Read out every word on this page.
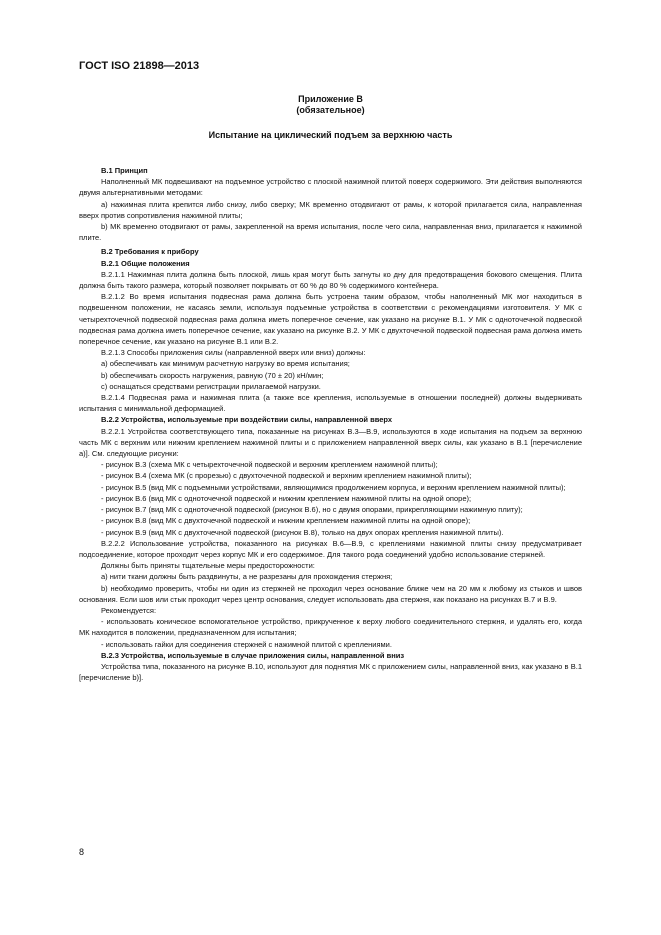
ГОСТ ISO 21898—2013
Приложение В
(обязательное)
Испытание на циклический подъем за верхнюю часть
В.1 Принцип

Наполненный МК подвешивают на подъемное устройство с плоской нажимной плитой поверх содержимого. Эти действия выполняются двумя альтернативными методами:

а) нажимная плита крепится либо снизу, либо сверху; МК временно отодвигают от рамы, к которой прилагается сила, направленная вверх против сопротивления нажимной плиты;

b) МК временно отодвигают от рамы, закрепленной на время испытания, после чего сила, направленная вниз, прилагается к нажимной плите.

В.2 Требования к прибору
В.2.1 Общие положения

В.2.1.1 Нажимная плита должна быть плоской, лишь края могут быть загнуты ко дну для предотвращения бокового смещения. Плита должна быть такого размера, который позволяет покрывать от 60 % до 80 % содержимого контейнера.

В.2.1.2 Во время испытания подвесная рама должна быть устроена таким образом, чтобы наполненный МК мог находиться в подвешенном положении, не касаясь земли, используя подъемные устройства в соответствии с рекомендациями изготовителя. У МК с четырехточечной подвеской подвесная рама должна иметь поперечное сечение, как указано на рисунке В.1. У МК с одноточечной подвеской подвесная рама должна иметь поперечное сечение, как указано на рисунке В.2. У МК с двухточечной подвеской подвесная рама должна иметь поперечное сечение, как указано на рисунке В.1 или В.2.

В.2.1.3 Способы приложения силы (направленной вверх или вниз) должны:

а) обеспечивать как минимум расчетную нагрузку во время испытания;

b) обеспечивать скорость нагружения, равную (70 ± 20) кН/мин;

c) оснащаться средствами регистрации прилагаемой нагрузки.

В.2.1.4 Подвесная рама и нажимная плита (а также все крепления, используемые в отношении последней) должны выдерживать испытания с минимальной деформацией.

В.2.2 Устройства, используемые при воздействии силы, направленной вверх

В.2.2.1 Устройства соответствующего типа, показанные на рисунках В.3—В.9, используются в ходе испытания на подъем за верхнюю часть МК с верхним или нижним креплением нажимной плиты и с приложением направленной вверх силы, как указано в В.1 [перечисление а)]. См. следующие рисунки:

- рисунок В.3 (схема МК с четырехточечной подвеской и верхним креплением нажимной плиты);

- рисунок В.4 (схема МК (с прорезью) с двухточечной подвеской и верхним креплением нажимной плиты);

- рисунок В.5 (вид МК с подъемными устройствами, являющимися продолжением корпуса, и верхним креплением нажимной плиты);

- рисунок В.6 (вид МК с одноточечной подвеской и нижним креплением нажимной плиты на одной опоре);

- рисунок В.7 (вид МК с одноточечной подвеской (рисунок В.6), но с двумя опорами, прикрепляющими нажимную плиту);

- рисунок В.8 (вид МК с двухточечной подвеской и нижним креплением нажимной плиты на одной опоре);

- рисунок В.9 (вид МК с двухточечной подвеской (рисунок В.8), только на двух опорах крепления нажимной плиты).

В.2.2.2 Использование устройства, показанного на рисунках В.6—В.9, с креплениями нажимной плиты снизу предусматривает подсоединение, которое проходит через корпус МК и его содержимое. Для такого рода соединений удобно использование стержней.

Должны быть приняты тщательные меры предосторожности:

а) нити ткани должны быть раздвинуты, а не разрезаны для прохождения стержня;

b) необходимо проверить, чтобы ни один из стержней не проходил через основание ближе чем на 20 мм к любому из стыков и швов основания. Если шов или стык проходит через центр основания, следует использовать два стержня, как показано на рисунках В.7 и В.9.

Рекомендуется:

- использовать коническое вспомогательное устройство, прикрученное к верху любого соединительного стержня, и удалять его, когда МК находится в положении, предназначенном для испытания;

- использовать гайки для соединения стержней с нажимной плитой с креплениями.

В.2.3 Устройства, используемые в случае приложения силы, направленной вниз

Устройства типа, показанного на рисунке В.10, используют для поднятия МК с приложением силы, направленной вниз, как указано в В.1 [перечисление b)].

8
